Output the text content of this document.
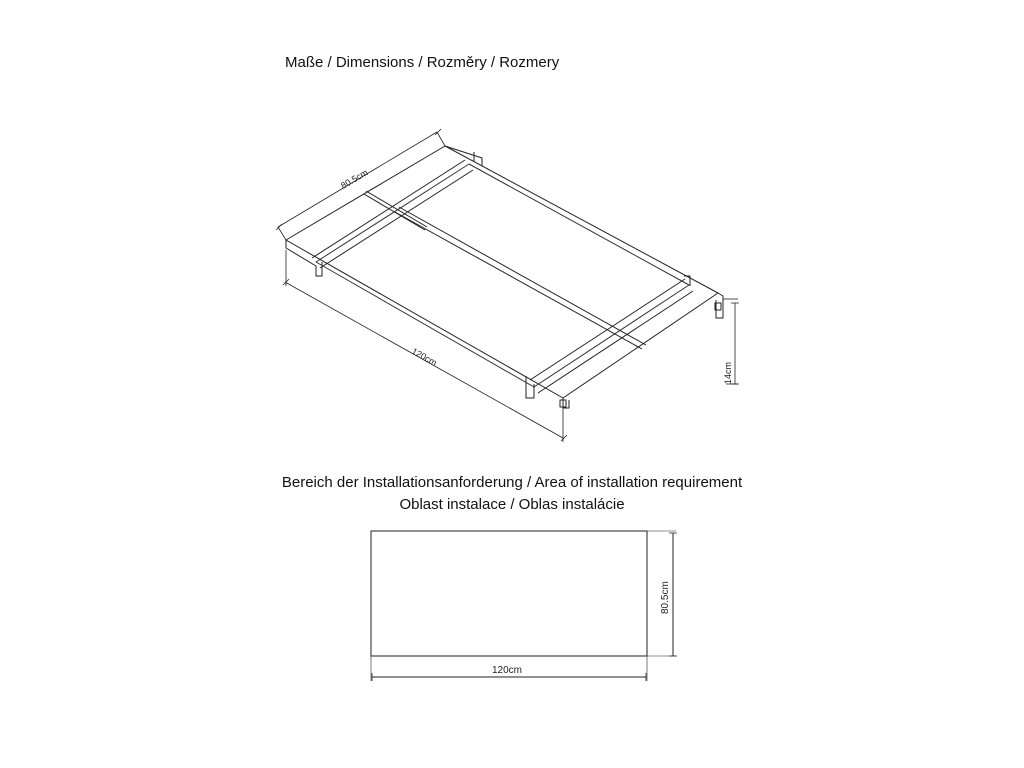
Maße / Dimensions / Rozměry / Rozmery
Bereich der Installationsanforderung / Area of installation requirement
Oblast instalace / Oblas instalácie
80.5cm
120cm
14cm
80.5cm
120cm
